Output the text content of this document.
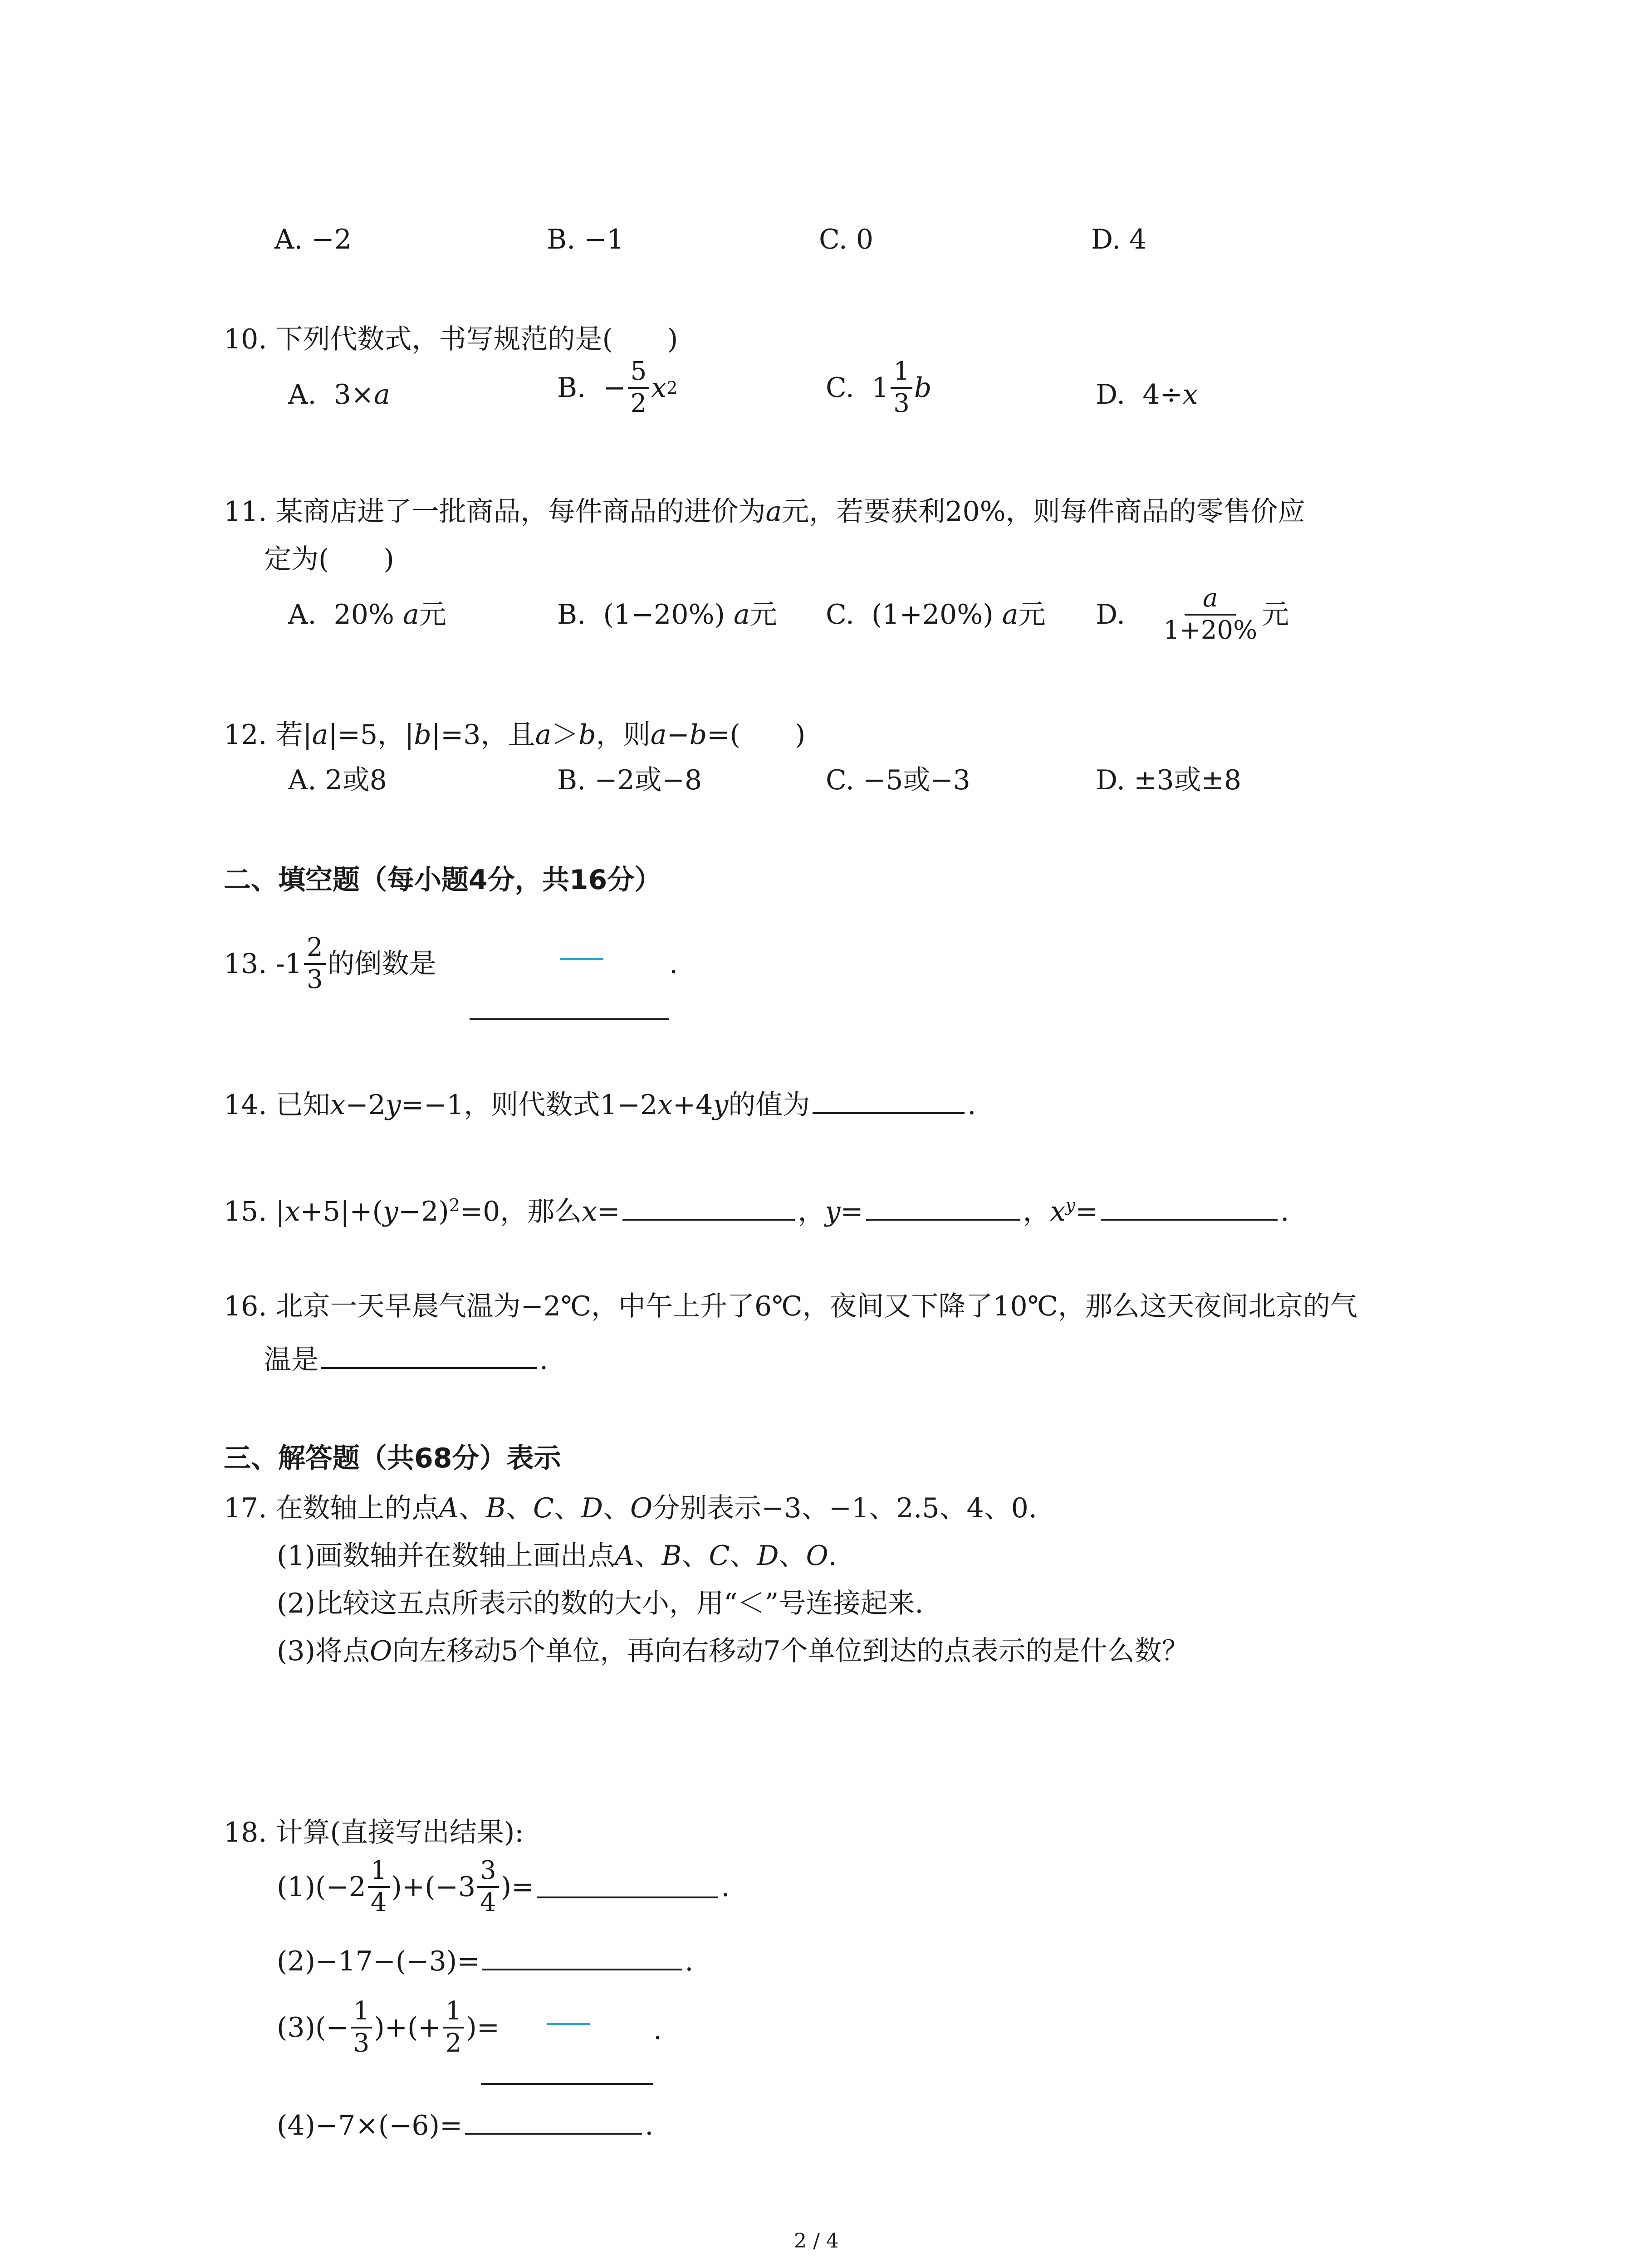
A. −2	B. −1	C. 0	D. 4
10. 下列代数式，书写规范的是(　　)
A. 3×a	B.
− $\frac{5}{2}$ x 2	C.
$1 \frac{1}{3}$ b	D. 4÷x
11. 某商店进了一批商品，每件商品的进价为a元，若要获利20%，则每件商品的零售价应
定为(　　)
A. 20% a元	B. (1−20%) a元 C. (1+20%) a元 D.
$\frac{a}{1+20\%}$ 元
12. 若|a|=5，|b|=3，且a＞b，则a−b=(　　)
A. 2或8	B. −2或−8	C. −5或−3	D. ±3或±8
二、填空题（每小题4分，共16分）
13. $-1 \frac{2}{3}$ 的倒数是	.
14. 已知x−2y=−1，则代数式1−2x+4y的值为	.
15. $|x+5|+(y-2)^2=0$，那么x=	，y=	，$x^y=$	.
16. 北京一天早晨气温为−2℃，中午上升了6℃，夜间又下降了10℃，那么这天夜间北京的气
温是	.
三、解答题（共68分）表示
17. 在数轴上的点A、B、C、D、O分别表示−3、−1、2.5、4、0.
(1)画数轴并在数轴上画出点A、B、C、D、O.
(2)比较这五点所表示的数的大小，用“＜”号连接起来.
(3)将点O向左移动5个单位，再向右移动7个单位到达的点表示的是什么数？
18. 计算(直接写出结果):
$(1)(-2 \frac{1}{4} )+(-3 \frac{3}{4}$ )=	.
(2)−17−(−3)=	.
$(3)(- \frac{1}{3}$ )+(+ $\frac{1}{2}$ )=	.
(4)−7×(−6)=	.
2 / 4
